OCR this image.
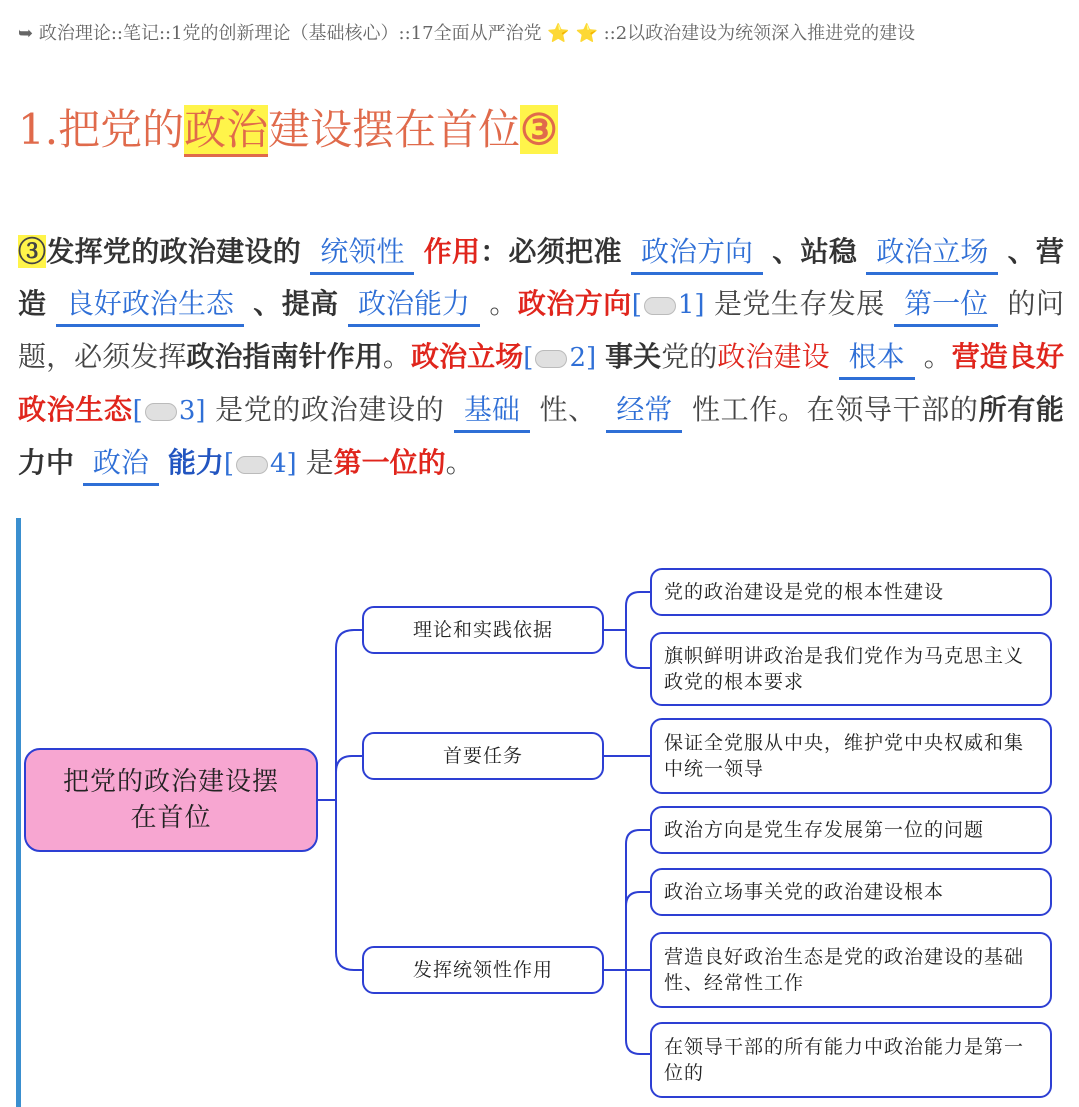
➥ 政治理论::笔记::1党的创新理论（基础核心）::17全面从严治党 ⭐ ⭐ ::2以政治建设为统领深入推进党的建设
1.把党的政治建设摆在首位③
③发挥党的政治建设的 统领性 作用：必须把准 政治方向 、站稳 政治立场 、营造 良好政治生态 、提高 政治能力 。政治方向[ 1] 是党生存发展 第一位 的问题，必须发挥政治指南针作用。政治立场[ 2] 事关党的政治建设 根本 。营造良好政治生态[ 3] 是党的政治建设的 基础 性、 经常 性工作。在领导干部的所有能力中 政治 能力[ 4] 是第一位的。
把党的政治建设摆在首位
理论和实践依据
首要任务
发挥统领性作用
党的政治建设是党的根本性建设
旗帜鲜明讲政治是我们党作为马克思主义政党的根本要求
保证全党服从中央，维护党中央权威和集中统一领导
政治方向是党生存发展第一位的问题
政治立场事关党的政治建设根本
营造良好政治生态是党的政治建设的基础性、经常性工作
在领导干部的所有能力中政治能力是第一位的
